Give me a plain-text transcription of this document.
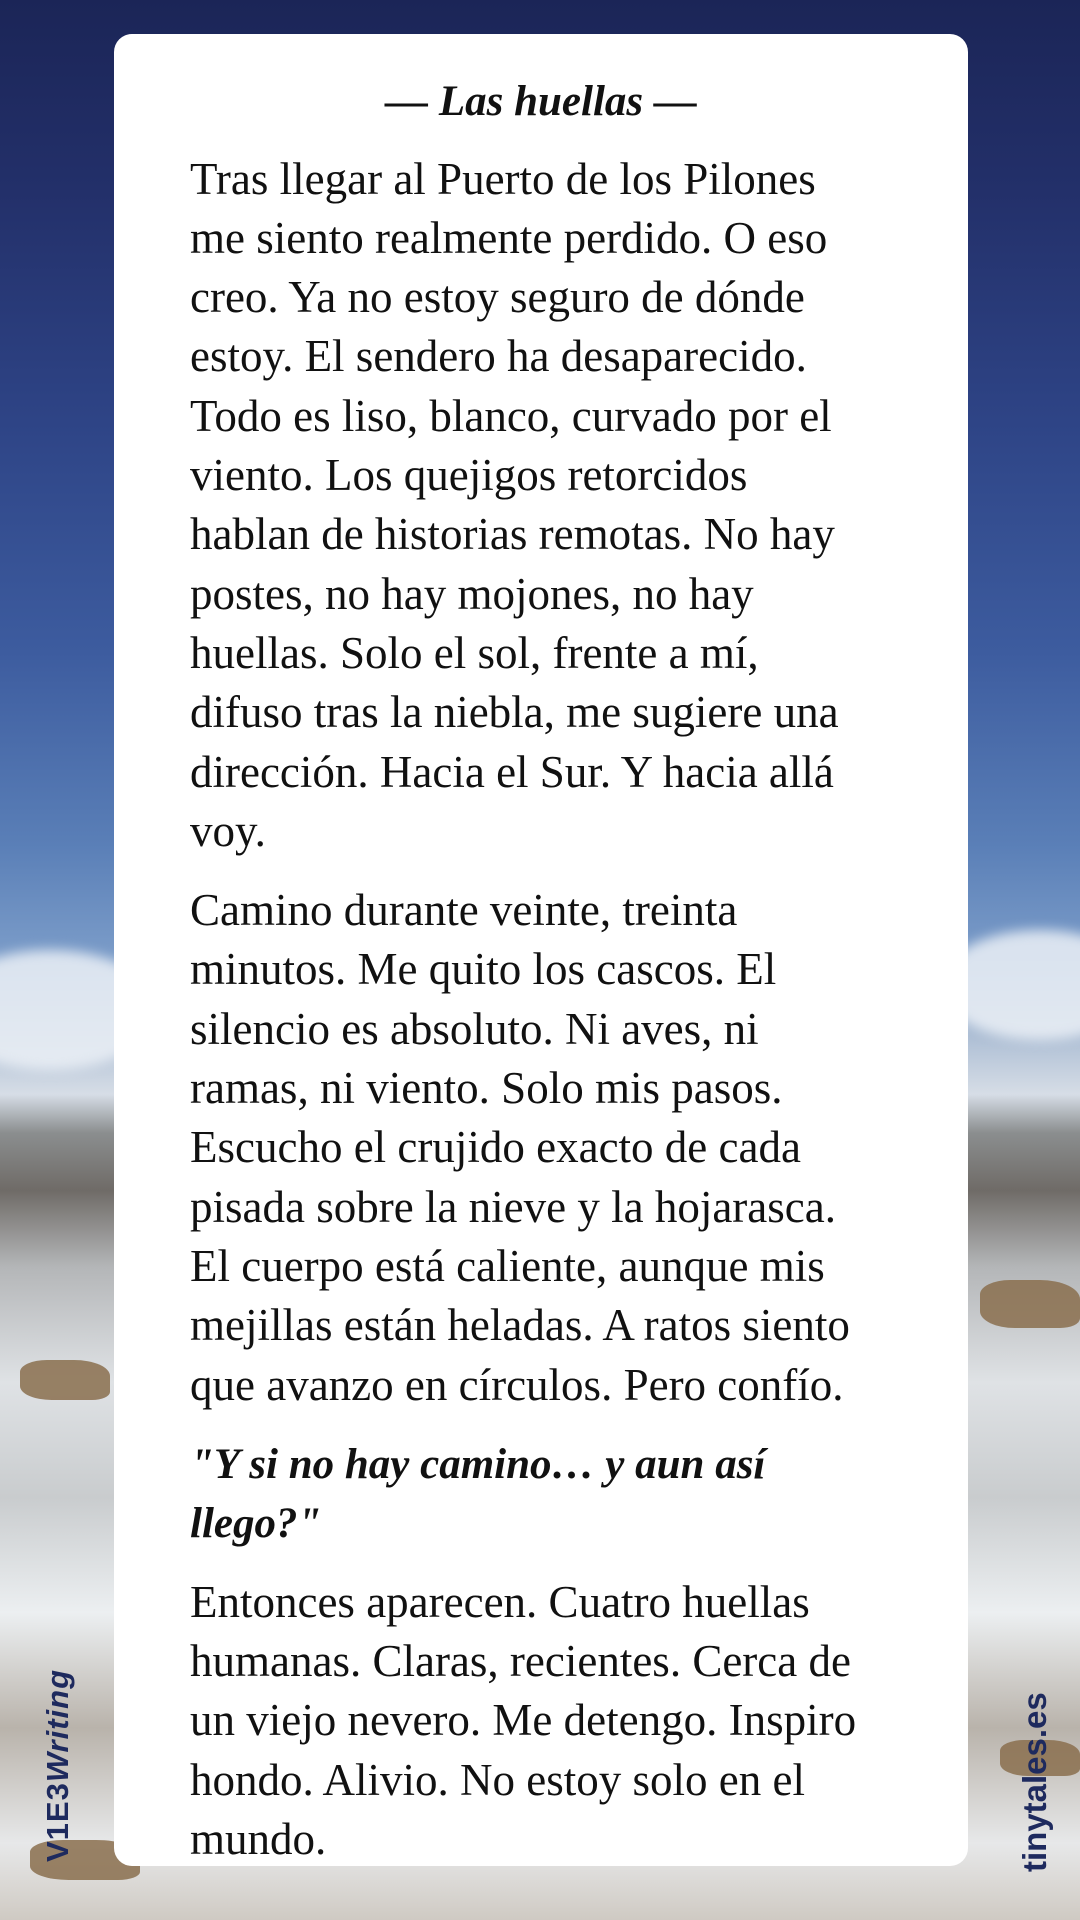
— Las huellas —

Tras llegar al Puerto de los Pilones me siento realmente perdido. O eso creo. Ya no estoy seguro de dónde estoy. El sendero ha desaparecido. Todo es liso, blanco, curvado por el viento. Los quejigos retorcidos hablan de historias remotas. No hay postes, no hay mojones, no hay huellas. Solo el sol, frente a mí, difuso tras la niebla, me sugiere una dirección. Hacia el Sur. Y hacia allá voy.

Camino durante veinte, treinta minutos. Me quito los cascos. El silencio es absoluto. Ni aves, ni ramas, ni viento. Solo mis pasos. Escucho el crujido exacto de cada pisada sobre la nieve y la hojarasca. El cuerpo está caliente, aunque mis mejillas están heladas. A ratos siento que avanzo en círculos. Pero confío.

"Y si no hay camino… y aun así llego?"

Entonces aparecen. Cuatro huellas humanas. Claras, recientes. Cerca de un viejo nevero. Me detengo. Inspiro hondo. Alivio. No estoy solo en el mundo.

V1E3Writing	tinytales.es
